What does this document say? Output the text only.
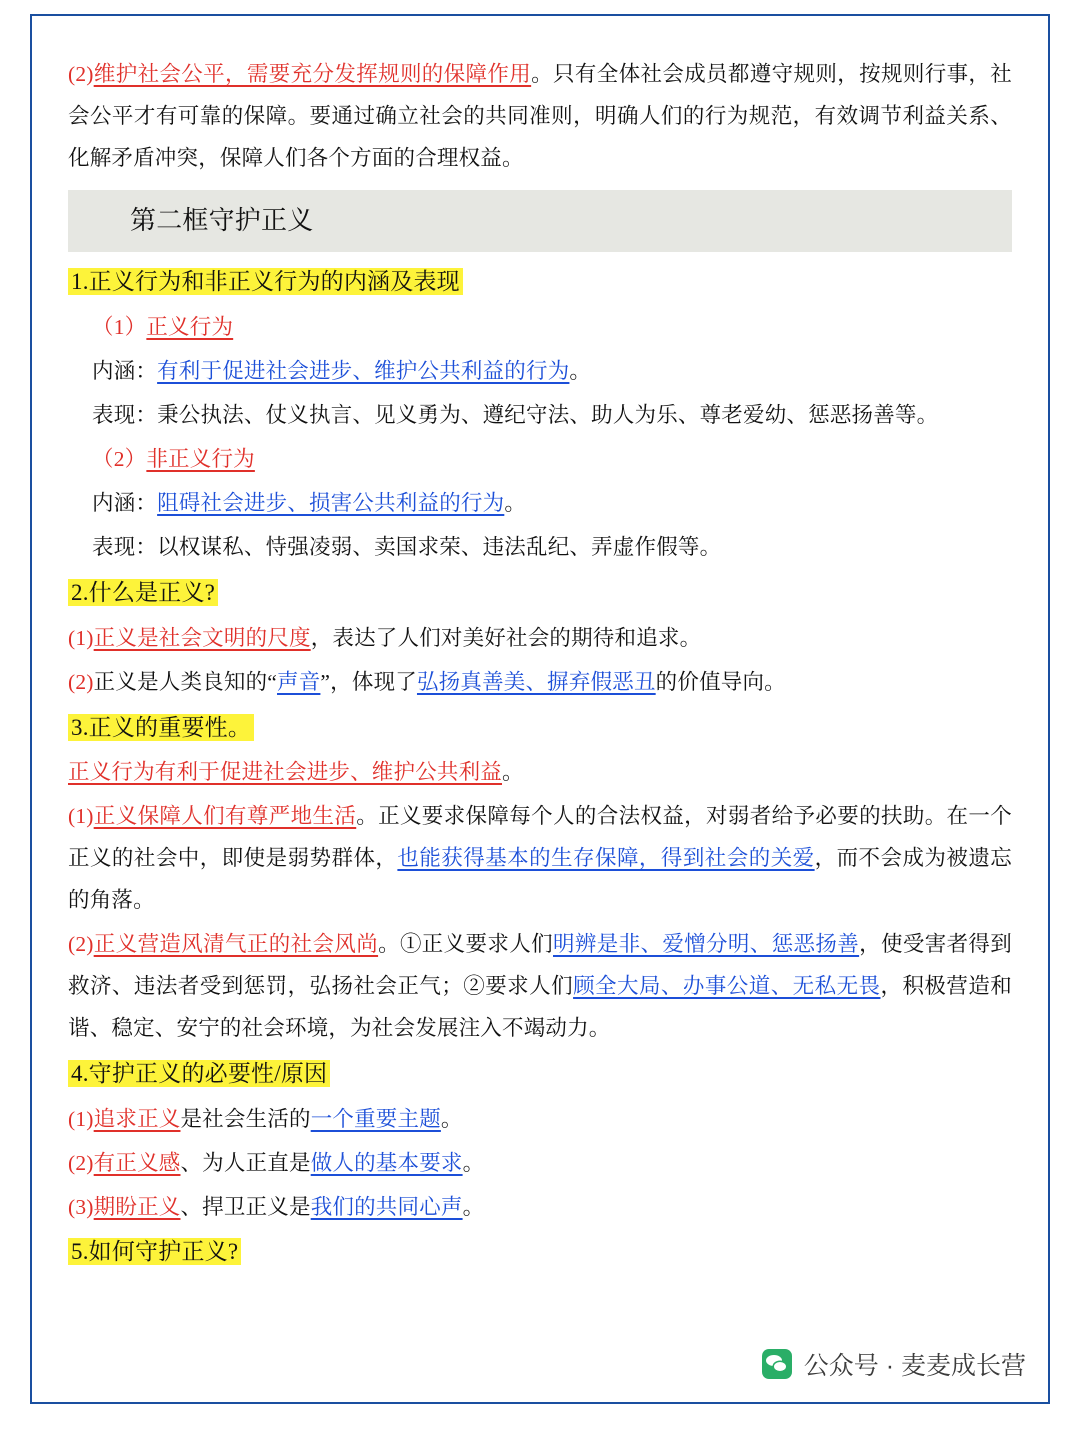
(2)维护社会公平，需要充分发挥规则的保障作用。只有全体社会成员都遵守规则，按规则行事，社会公平才有可靠的保障。要通过确立社会的共同准则，明确人们的行为规范，有效调节利益关系、化解矛盾冲突，保障人们各个方面的合理权益。

第二框守护正义

1.正义行为和非正义行为的内涵及表现

（1）正义行为

内涵：有利于促进社会进步、维护公共利益的行为。

表现：秉公执法、仗义执言、见义勇为、遵纪守法、助人为乐、尊老爱幼、惩恶扬善等。

（2）非正义行为

内涵：阻碍社会进步、损害公共利益的行为。

表现：以权谋私、恃强凌弱、卖国求荣、违法乱纪、弄虚作假等。

2.什么是正义?

(1)正义是社会文明的尺度，表达了人们对美好社会的期待和追求。

(2)正义是人类良知的“声音”，体现了弘扬真善美、摒弃假恶丑的价值导向。

3.正义的重要性。

正义行为有利于促进社会进步、维护公共利益。

(1)正义保障人们有尊严地生活。正义要求保障每个人的合法权益，对弱者给予必要的扶助。在一个正义的社会中，即使是弱势群体，也能获得基本的生存保障，得到社会的关爱，而不会成为被遗忘的角落。

(2)正义营造风清气正的社会风尚。①正义要求人们明辨是非、爱憎分明、惩恶扬善，使受害者得到救济、违法者受到惩罚，弘扬社会正气；②要求人们顾全大局、办事公道、无私无畏，积极营造和谐、稳定、安宁的社会环境，为社会发展注入不竭动力。

4.守护正义的必要性/原因

(1)追求正义是社会生活的一个重要主题。

(2)有正义感、为人正直是做人的基本要求。

(3)期盼正义、捍卫正义是我们的共同心声。

5.如何守护正义?

公众号 · 麦麦成长营
